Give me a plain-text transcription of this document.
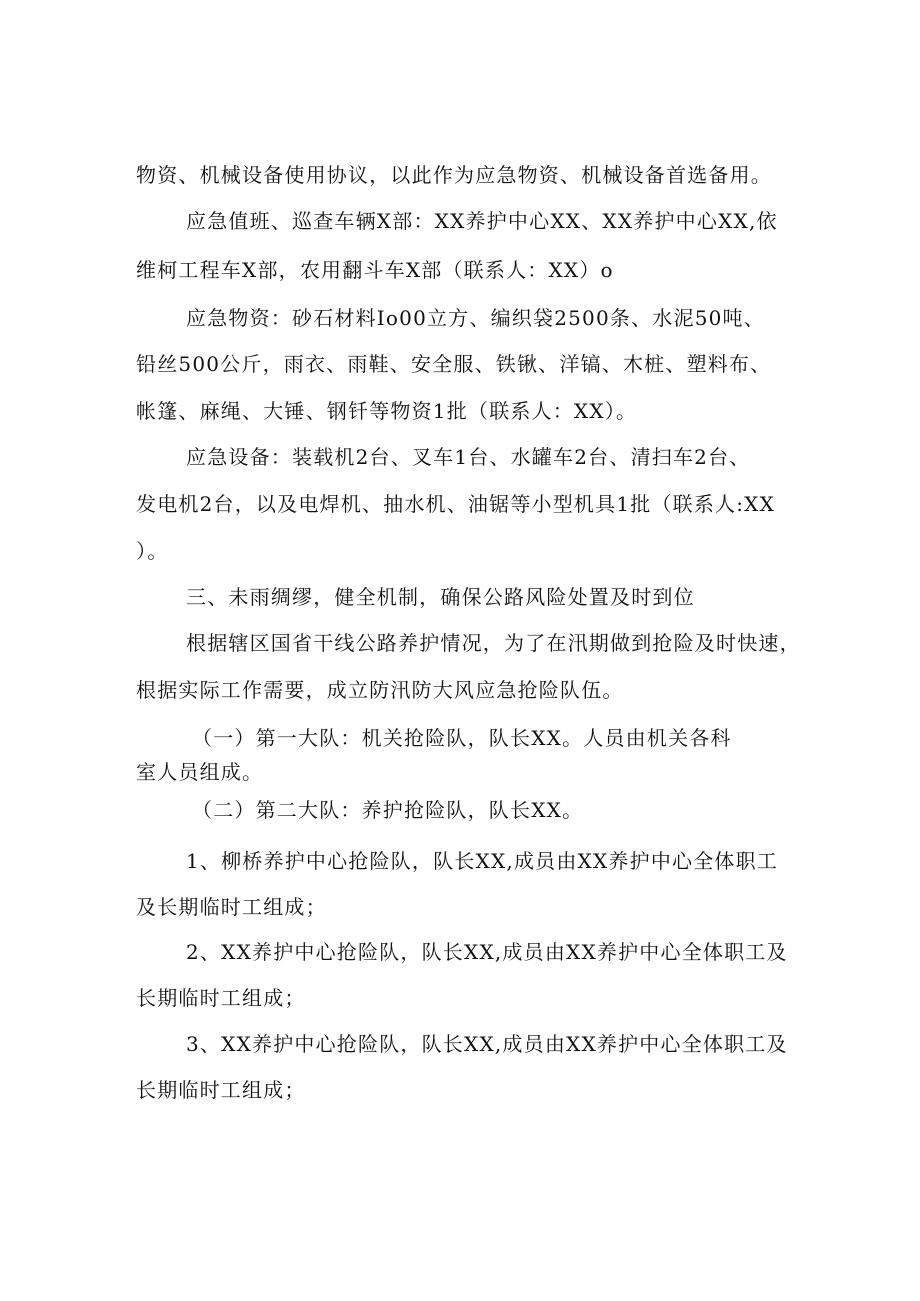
物资、机械设备使用协议，以此作为应急物资、机械设备首选备用。
应急值班、巡查车辆X部：XX养护中心XX、XX养护中心XX,依
维柯工程车X部，农用翻斗车X部（联系人：XX）o
应急物资：砂石材料Io00立方、编织袋2500条、水泥50吨、
铅丝500公斤，雨衣、雨鞋、安全服、铁锹、洋镐、木桩、塑料布、
帐篷、麻绳、大锤、钢钎等物资1批（联系人：XX）。
应急设备：装载机2台、叉车1台、水罐车2台、清扫车2台、
发电机2台，以及电焊机、抽水机、油锯等小型机具1批（联系人:XX
）。
三、未雨绸缪，健全机制，确保公路风险处置及时到位
根据辖区国省干线公路养护情况，为了在汛期做到抢险及时快速，
根据实际工作需要，成立防汛防大风应急抢险队伍。
（一）第一大队：机关抢险队，队长XX。人员由机关各科
室人员组成。
（二）第二大队：养护抢险队，队长XX。
1、柳桥养护中心抢险队，队长XX,成员由XX养护中心全体职工
及长期临时工组成；
2、XX养护中心抢险队，队长XX,成员由XX养护中心全体职工及
长期临时工组成；
3、XX养护中心抢险队，队长XX,成员由XX养护中心全体职工及
长期临时工组成；
